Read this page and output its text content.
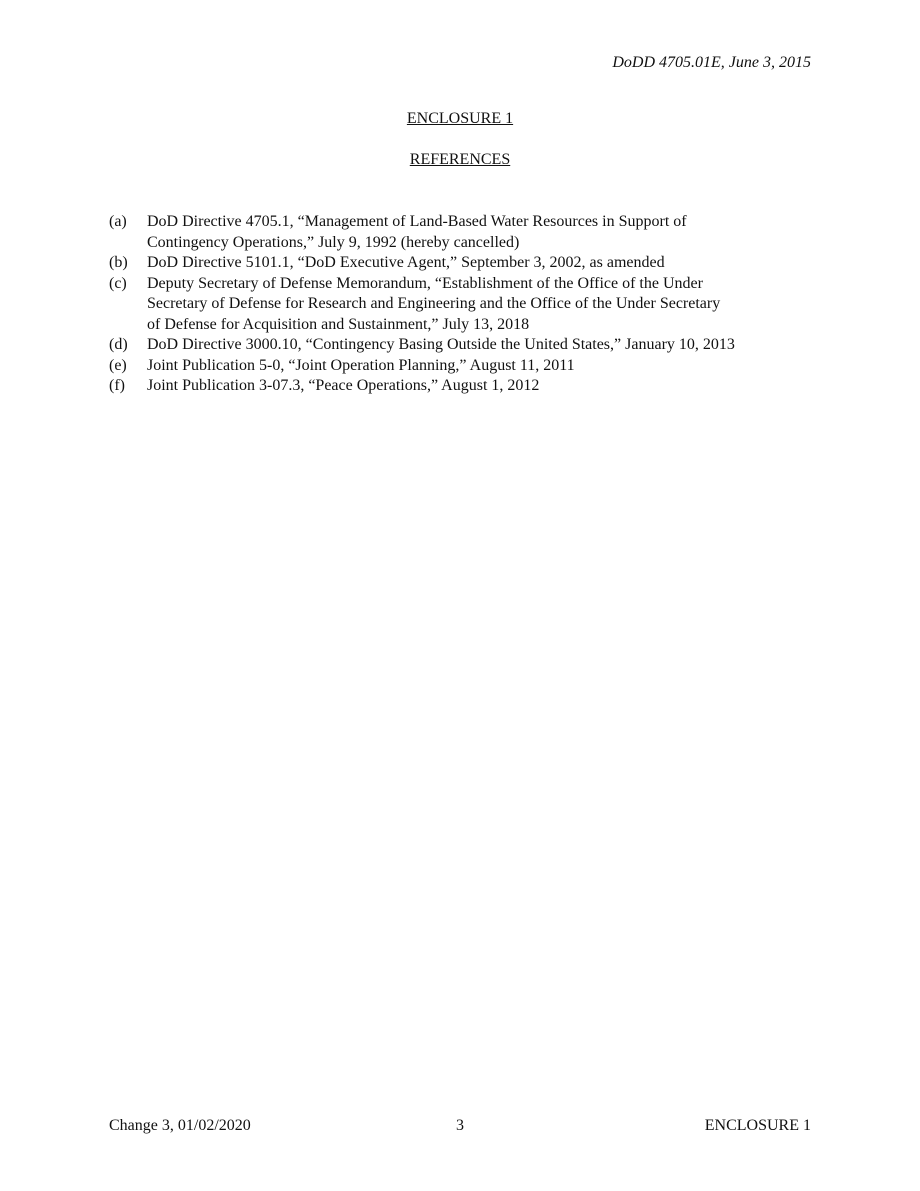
DoDD 4705.01E, June 3, 2015
ENCLOSURE 1
REFERENCES
(a)	DoD Directive 4705.1, “Management of Land-Based Water Resources in Support of
Contingency Operations,” July 9, 1992 (hereby cancelled)
(b)	DoD Directive 5101.1, “DoD Executive Agent,” September 3, 2002, as amended
(c)	Deputy Secretary of Defense Memorandum, “Establishment of the Office of the Under
Secretary of Defense for Research and Engineering and the Office of the Under Secretary
of Defense for Acquisition and Sustainment,” July 13, 2018
(d)	DoD Directive 3000.10, “Contingency Basing Outside the United States,” January 10, 2013
(e)	Joint Publication 5-0, “Joint Operation Planning,” August 11, 2011
(f)	Joint Publication 3-07.3, “Peace Operations,” August 1, 2012
Change 3, 01/02/2020	3	ENCLOSURE 1
